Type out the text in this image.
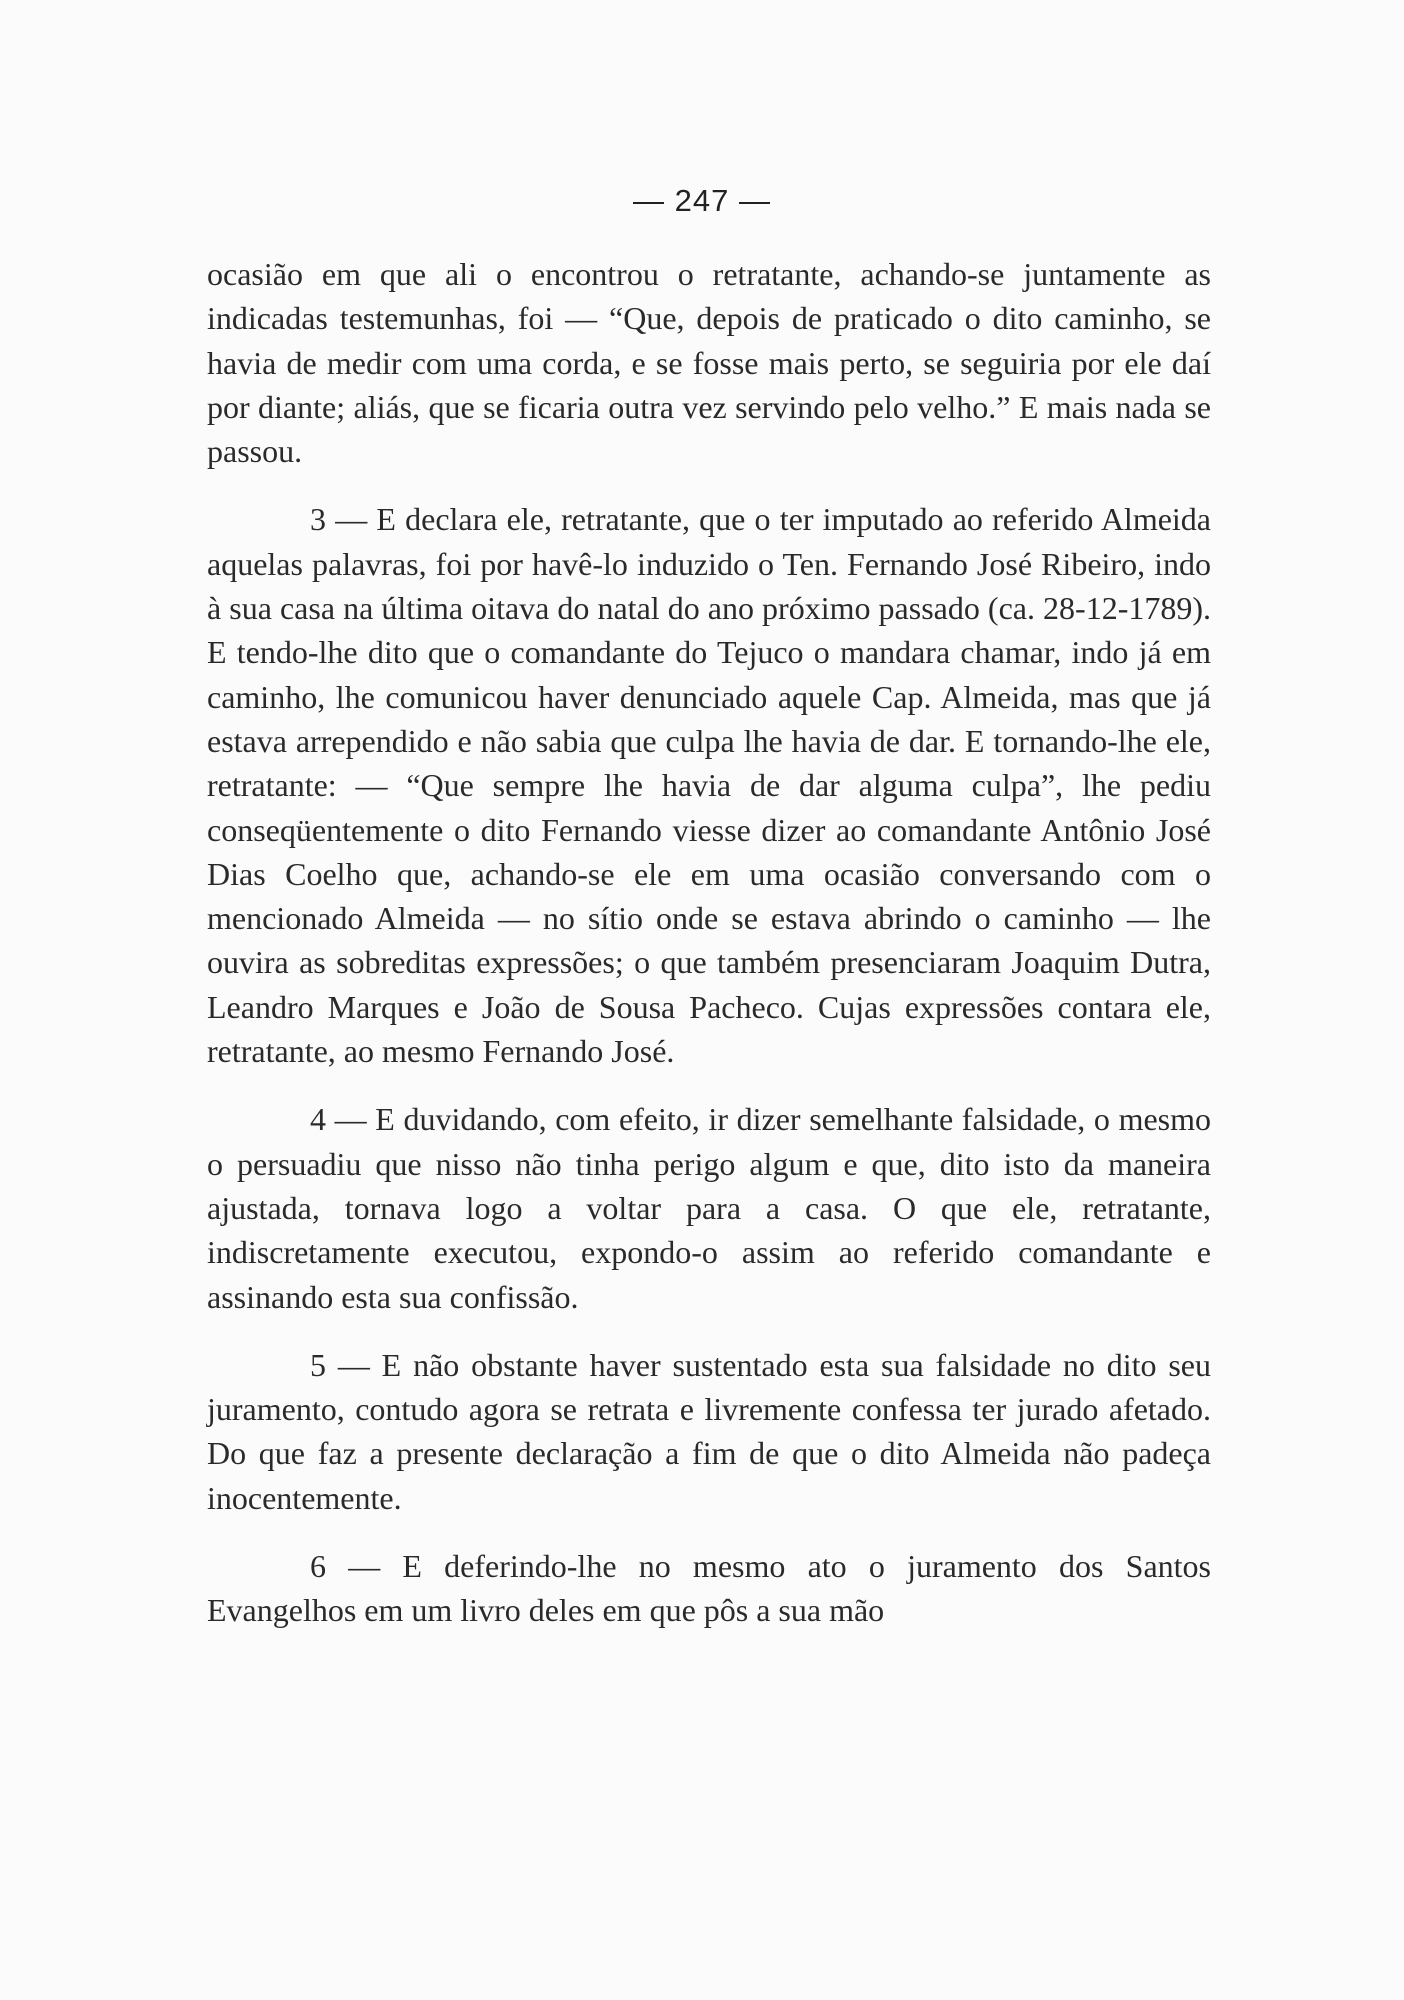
— 247 —

ocasião em que ali o encontrou o retratante, achando-se juntamente as indicadas testemunhas, foi — “Que, depois de praticado o dito caminho, se havia de medir com uma corda, e se fosse mais perto, se seguiria por ele daí por diante; aliás, que se ficaria outra vez servindo pelo velho.” E mais nada se passou.

3 — E declara ele, retratante, que o ter imputado ao referido Almeida aquelas palavras, foi por havê-lo induzido o Ten. Fernando José Ribeiro, indo à sua casa na última oitava do natal do ano próximo passado (ca. 28-12-1789). E tendo-lhe dito que o comandante do Tejuco o mandara chamar, indo já em caminho, lhe comunicou haver denunciado aquele Cap. Almeida, mas que já estava arrependido e não sabia que culpa lhe havia de dar. E tornando-lhe ele, retratante: — “Que sempre lhe havia de dar alguma culpa”, lhe pediu conseqüentemente o dito Fernando viesse dizer ao comandante Antônio José Dias Coelho que, achando-se ele em uma ocasião conversando com o mencionado Almeida — no sítio onde se estava abrindo o caminho — lhe ouvira as sobreditas expressões; o que também presenciaram Joaquim Dutra, Leandro Marques e João de Sousa Pacheco. Cujas expressões contara ele, retratante, ao mesmo Fernando José.

4 — E duvidando, com efeito, ir dizer semelhante falsidade, o mesmo o persuadiu que nisso não tinha perigo algum e que, dito isto da maneira ajustada, tornava logo a voltar para a casa. O que ele, retratante, indiscretamente executou, expondo-o assim ao referido comandante e assinando esta sua confissão.

5 — E não obstante haver sustentado esta sua falsidade no dito seu juramento, contudo agora se retrata e livremente confessa ter jurado afetado. Do que faz a presente declaração a fim de que o dito Almeida não padeça inocentemente.

6 — E deferindo-lhe no mesmo ato o juramento dos Santos Evangelhos em um livro deles em que pôs a sua mão
